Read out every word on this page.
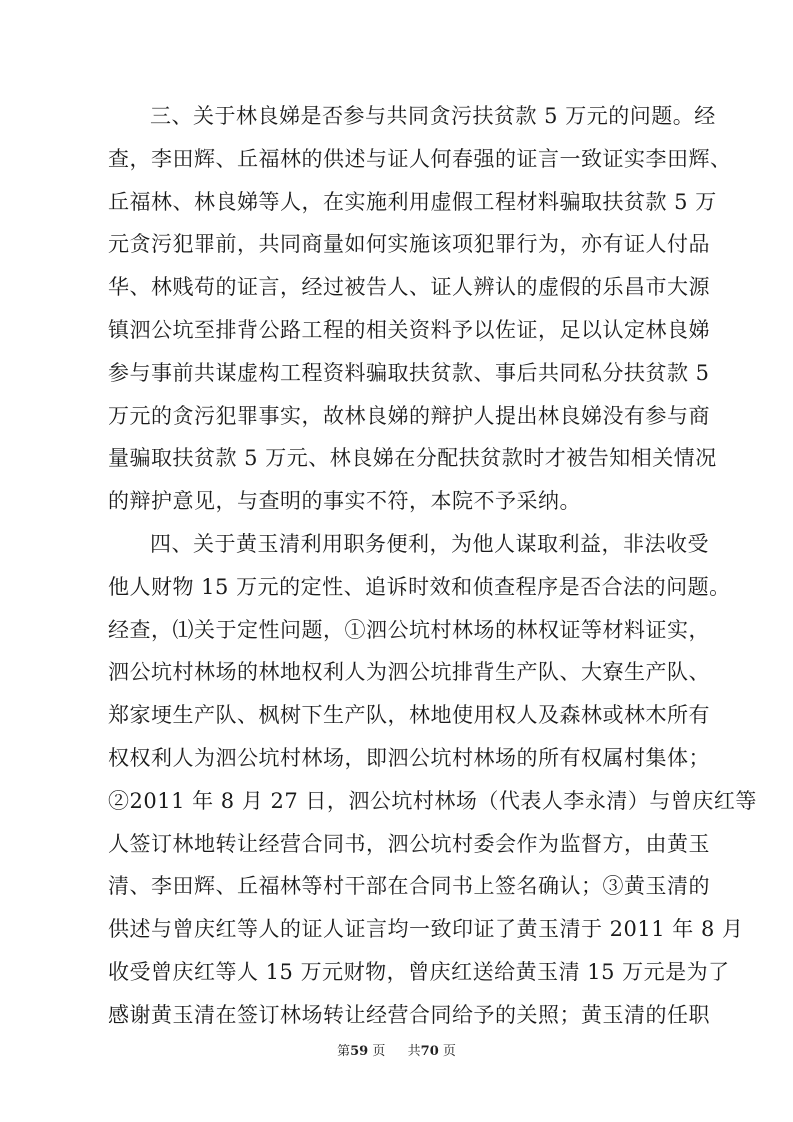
三、关于林良娣是否参与共同贪污扶贫款 5 万元的问题。经
查，李田辉、丘福林的供述与证人何春强的证言一致证实李田辉、
丘福林、林良娣等人，在实施利用虚假工程材料骗取扶贫款 5 万
元贪污犯罪前，共同商量如何实施该项犯罪行为，亦有证人付品
华、林贱苟的证言，经过被告人、证人辨认的虚假的乐昌市大源
镇泗公坑至排背公路工程的相关资料予以佐证，足以认定林良娣
参与事前共谋虚构工程资料骗取扶贫款、事后共同私分扶贫款 5
万元的贪污犯罪事实，故林良娣的辩护人提出林良娣没有参与商
量骗取扶贫款 5 万元、林良娣在分配扶贫款时才被告知相关情况
的辩护意见，与查明的事实不符，本院不予采纳。
四、关于黄玉清利用职务便利，为他人谋取利益，非法收受
他人财物 15 万元的定性、追诉时效和侦查程序是否合法的问题。
经查，⑴关于定性问题，①泗公坑村林场的林权证等材料证实，
泗公坑村林场的林地权利人为泗公坑排背生产队、大寮生产队、
郑家埂生产队、枫树下生产队，林地使用权人及森林或林木所有
权权利人为泗公坑村林场，即泗公坑村林场的所有权属村集体；
②2011 年 8 月 27 日，泗公坑村林场（代表人李永清）与曾庆红等
人签订林地转让经营合同书，泗公坑村委会作为监督方，由黄玉
清、李田辉、丘福林等村干部在合同书上签名确认；③黄玉清的
供述与曾庆红等人的证人证言均一致印证了黄玉清于 2011 年 8 月
收受曾庆红等人 15 万元财物，曾庆红送给黄玉清 15 万元是为了
感谢黄玉清在签订林场转让经营合同给予的关照；黄玉清的任职
第59 页 共70 页
